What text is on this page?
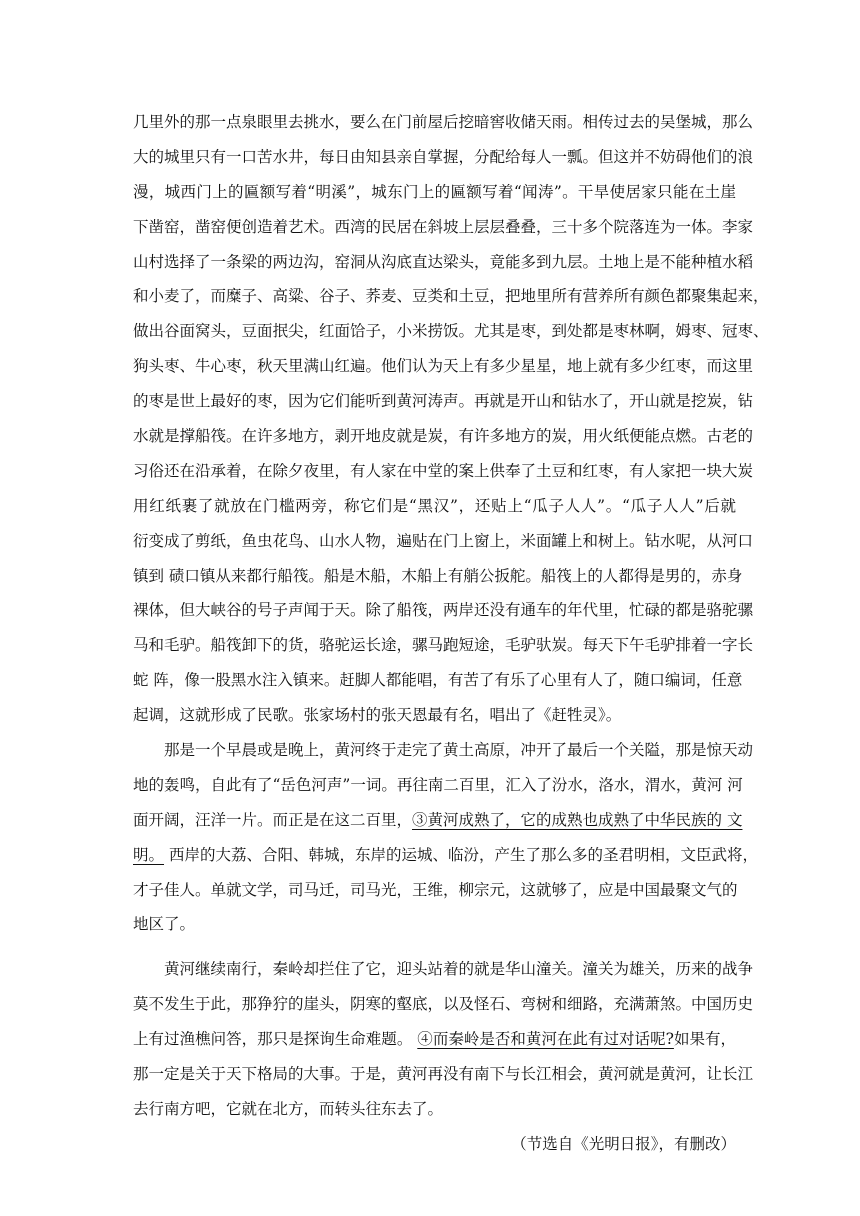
几里外的那一点泉眼里去挑水，要么在门前屋后挖暗窖收储天雨。相传过去的吴堡城，那么
大的城里只有一口苦水井，每日由知县亲自掌握，分配给每人一瓢。但这并不妨碍他们的浪
漫，城西门上的匾额写着“明溪”，城东门上的匾额写着“闻涛”。干旱使居家只能在土崖
下凿窑，凿窑便创造着艺术。西湾的民居在斜坡上层层叠叠，三十多个院落连为一体。李家
山村选择了一条梁的两边沟，窑洞从沟底直达梁头，竟能多到九层。土地上是不能种植水稻
和小麦了，而糜子、高粱、谷子、荞麦、豆类和土豆，把地里所有营养所有颜色都聚集起来，
做出谷面窝头，豆面抿尖，红面饸子，小米捞饭。尤其是枣，到处都是枣林啊，姆枣、冠枣、
狗头枣、牛心枣，秋天里满山红遍。他们认为天上有多少星星，地上就有多少红枣，而这里
的枣是世上最好的枣，因为它们能听到黄河涛声。再就是开山和钻水了，开山就是挖炭，钻
水就是撑船筏。在许多地方，剥开地皮就是炭，有许多地方的炭，用火纸便能点燃。古老的
习俗还在沿承着，在除夕夜里，有人家在中堂的案上供奉了土豆和红枣，有人家把一块大炭
用红纸裹了就放在门槛两旁，称它们是“黑汉”，还贴上“瓜子人人”。“瓜子人人”后就
衍变成了剪纸，鱼虫花鸟、山水人物，遍贴在门上窗上，米面罐上和树上。钻水呢，从河口
镇到 碛口镇从来都行船筏。船是木船，木船上有艄公扳舵。船筏上的人都得是男的，赤身
裸体，但大峡谷的号子声闻于天。除了船筏，两岸还没有通车的年代里，忙碌的都是骆驼骡
马和毛驴。船筏卸下的货，骆驼运长途，骡马跑短途，毛驴驮炭。每天下午毛驴排着一字长
蛇 阵，像一股黑水注入镇来。赶脚人都能唱，有苦了有乐了心里有人了，随口编词，任意
起调，这就形成了民歌。张家场村的张天恩最有名，唱出了《赶牲灵》。
那是一个早晨或是晚上，黄河终于走完了黄土高原，冲开了最后一个关隘，那是惊天动
地的轰鸣，自此有了“岳色河声”一词。再往南二百里，汇入了汾水，洛水，渭水，黄河 河
面开阔，汪洋一片。而正是在这二百里，③黄河成熟了，它的成熟也成熟了中华民族的 文
明。 西岸的大荔、合阳、韩城，东岸的运城、临汾，产生了那么多的圣君明相，文臣武将，
才子佳人。单就文学，司马迁，司马光，王维，柳宗元，这就够了，应是中国最聚文气的
地区了。
黄河继续南行，秦岭却拦住了它，迎头站着的就是华山潼关。潼关为雄关，历来的战争
莫不发生于此，那狰狞的崖头，阴寒的壑底，以及怪石、弯树和细路，充满萧煞。中国历史
上有过渔樵问答，那只是探询生命难题。 ④而秦岭是否和黄河在此有过对话呢?如果有，
那一定是关于天下格局的大事。于是，黄河再没有南下与长江相会，黄河就是黄河，让长江
去行南方吧，它就在北方，而转头往东去了。
（节选自《光明日报》，有删改）
